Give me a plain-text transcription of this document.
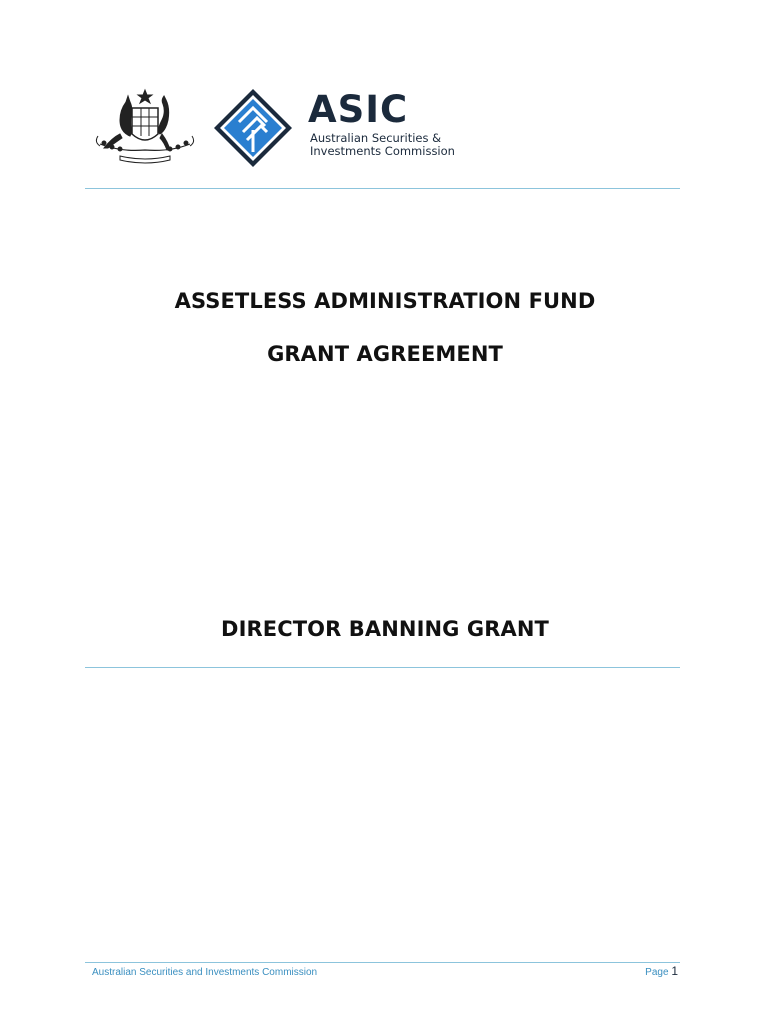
ASIC
Australian Securities &
Investments Commission
ASSETLESS ADMINISTRATION FUND
GRANT AGREEMENT
DIRECTOR BANNING GRANT
Australian Securities and Investments Commission	Page 1
